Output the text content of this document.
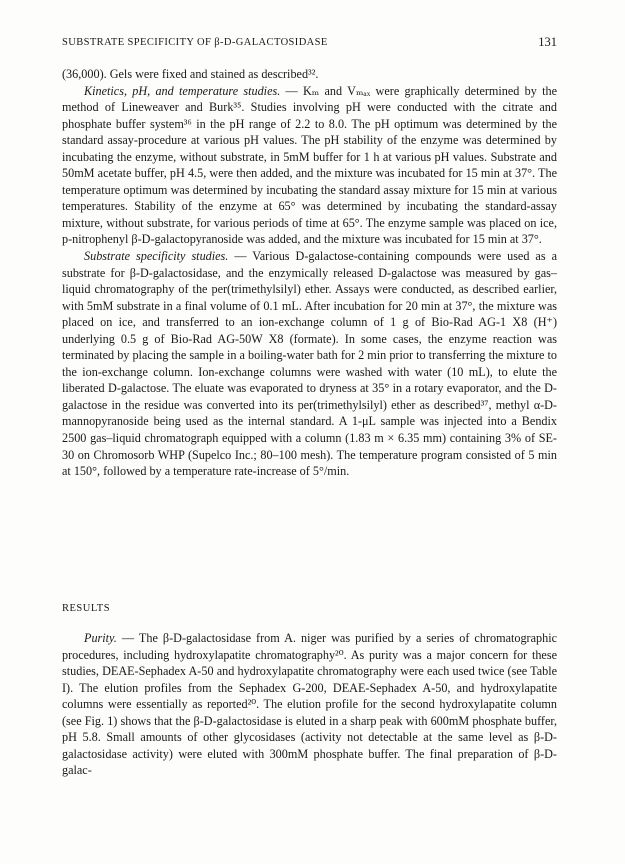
SUBSTRATE SPECIFICITY OF β-D-GALACTOSIDASE	131

(36,000). Gels were fixed and stained as described³².

Kinetics, pH, and temperature studies. — Kₘ and Vₘₐₓ were graphically determined by the method of Lineweaver and Burk³⁵. Studies involving pH were conducted with the citrate and phosphate buffer system³⁶ in the pH range of 2.2 to 8.0. The pH optimum was determined by the standard assay-procedure at various pH values. The pH stability of the enzyme was determined by incubating the enzyme, without substrate, in 5mM buffer for 1 h at various pH values. Substrate and 50mM acetate buffer, pH 4.5, were then added, and the mixture was incubated for 15 min at 37°. The temperature optimum was determined by incubating the standard assay mixture for 15 min at various temperatures. Stability of the enzyme at 65° was determined by incubating the standard-assay mixture, without substrate, for various periods of time at 65°. The enzyme sample was placed on ice, p-nitrophenyl β-D-galactopyranoside was added, and the mixture was incubated for 15 min at 37°.

Substrate specificity studies. — Various D-galactose-containing compounds were used as a substrate for β-D-galactosidase, and the enzymically released D-galactose was measured by gas–liquid chromatography of the per(trimethylsilyl) ether. Assays were conducted, as described earlier, with 5mM substrate in a final volume of 0.1 mL. After incubation for 20 min at 37°, the mixture was placed on ice, and transferred to an ion-exchange column of 1 g of Bio-Rad AG-1 X8 (H⁺) underlying 0.5 g of Bio-Rad AG-50W X8 (formate). In some cases, the enzyme reaction was terminated by placing the sample in a boiling-water bath for 2 min prior to transferring the mixture to the ion-exchange column. Ion-exchange columns were washed with water (10 mL), to elute the liberated D-galactose. The eluate was evaporated to dryness at 35° in a rotary evaporator, and the D-galactose in the residue was converted into its per(trimethylsilyl) ether as described³⁷, methyl α-D-mannopyranoside being used as the internal standard. A 1-μL sample was injected into a Bendix 2500 gas–liquid chromatograph equipped with a column (1.83 m × 6.35 mm) containing 3% of SE-30 on Chromosorb WHP (Supelco Inc.; 80–100 mesh). The temperature program consisted of 5 min at 150°, followed by a temperature rate-increase of 5°/min.

RESULTS

Purity. — The β-D-galactosidase from A. niger was purified by a series of chromatographic procedures, including hydroxylapatite chromatography²⁰. As purity was a major concern for these studies, DEAE-Sephadex A-50 and hydroxylapatite chromatography were each used twice (see Table I). The elution profiles from the Sephadex G-200, DEAE-Sephadex A-50, and hydroxylapatite columns were essentially as reported²⁰. The elution profile for the second hydroxylapatite column (see Fig. 1) shows that the β-D-galactosidase is eluted in a sharp peak with 600mM phosphate buffer, pH 5.8. Small amounts of other glycosidases (activity not detectable at the same level as β-D-galactosidase activity) were eluted with 300mM phosphate buffer. The final preparation of β-D-galac-
